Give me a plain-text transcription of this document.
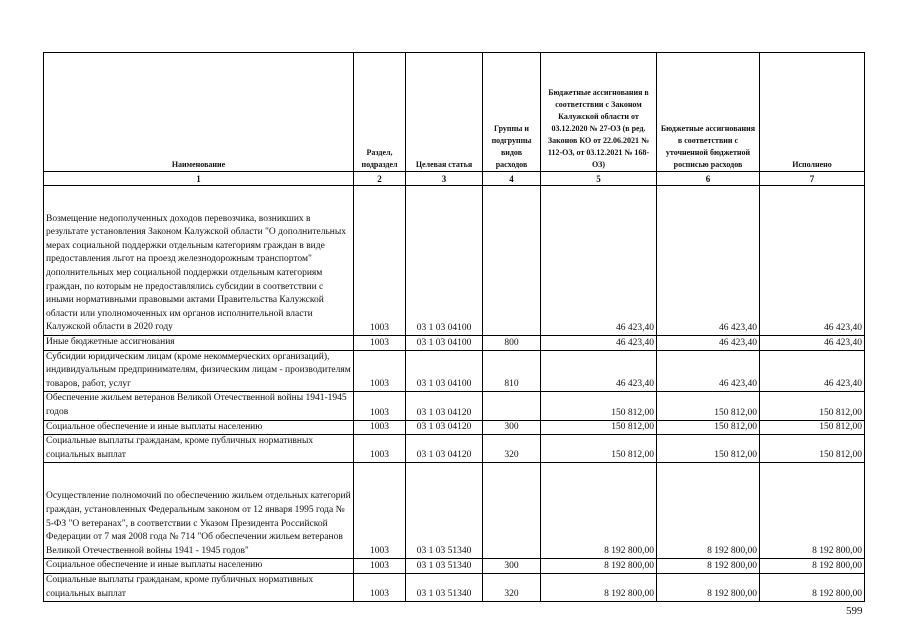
Наименование	Раздел, подраздел	Целевая статья	Группы и подгруппы видов расходов	Бюджетные ассигнования в соответствии с Законом Калужской области от 03.12.2020 № 27-ОЗ (в ред. Законов КО от 22.06.2021 № 112-ОЗ, от 03.12.2021 № 168-ОЗ)	Бюджетные ассигнования в соответствии с уточненной бюджетной росписью расходов	Исполнено
1	2	3	4	5	6	7
Возмещение недополученных доходов перевозчика, возникших в результате установления Законом Калужской области "О дополнительных мерах социальной поддержки отдельным категориям граждан в виде предоставления льгот на проезд железнодорожным транспортом" дополнительных мер социальной поддержки отдельным категориям граждан, по которым не предоставлялись субсидии в соответствии с иными нормативными правовыми актами Правительства Калужской области или уполномоченных им органов исполнительной власти Калужской области в 2020 году	1003	03 1 03 04100		46 423,40	46 423,40	46 423,40
Иные бюджетные ассигнования	1003	03 1 03 04100	800	46 423,40	46 423,40	46 423,40
Субсидии юридическим лицам (кроме некоммерческих организаций), индивидуальным предпринимателям, физическим лицам - производителям товаров, работ, услуг	1003	03 1 03 04100	810	46 423,40	46 423,40	46 423,40
Обеспечение жильем ветеранов Великой Отечественной войны 1941-1945 годов	1003	03 1 03 04120		150 812,00	150 812,00	150 812,00
Социальное обеспечение и иные выплаты населению	1003	03 1 03 04120	300	150 812,00	150 812,00	150 812,00
Социальные выплаты гражданам, кроме публичных нормативных социальных выплат	1003	03 1 03 04120	320	150 812,00	150 812,00	150 812,00
Осуществление полномочий по обеспечению жильем отдельных категорий граждан, установленных Федеральным законом от 12 января 1995 года № 5-ФЗ "О ветеранах", в соответствии с Указом Президента Российской Федерации от 7 мая 2008 года № 714 "Об обеспечении жильем ветеранов Великой Отечественной войны 1941 - 1945 годов"	1003	03 1 03 51340		8 192 800,00	8 192 800,00	8 192 800,00
Социальное обеспечение и иные выплаты населению	1003	03 1 03 51340	300	8 192 800,00	8 192 800,00	8 192 800,00
Социальные выплаты гражданам, кроме публичных нормативных социальных выплат	1003	03 1 03 51340	320	8 192 800,00	8 192 800,00	8 192 800,00
599
